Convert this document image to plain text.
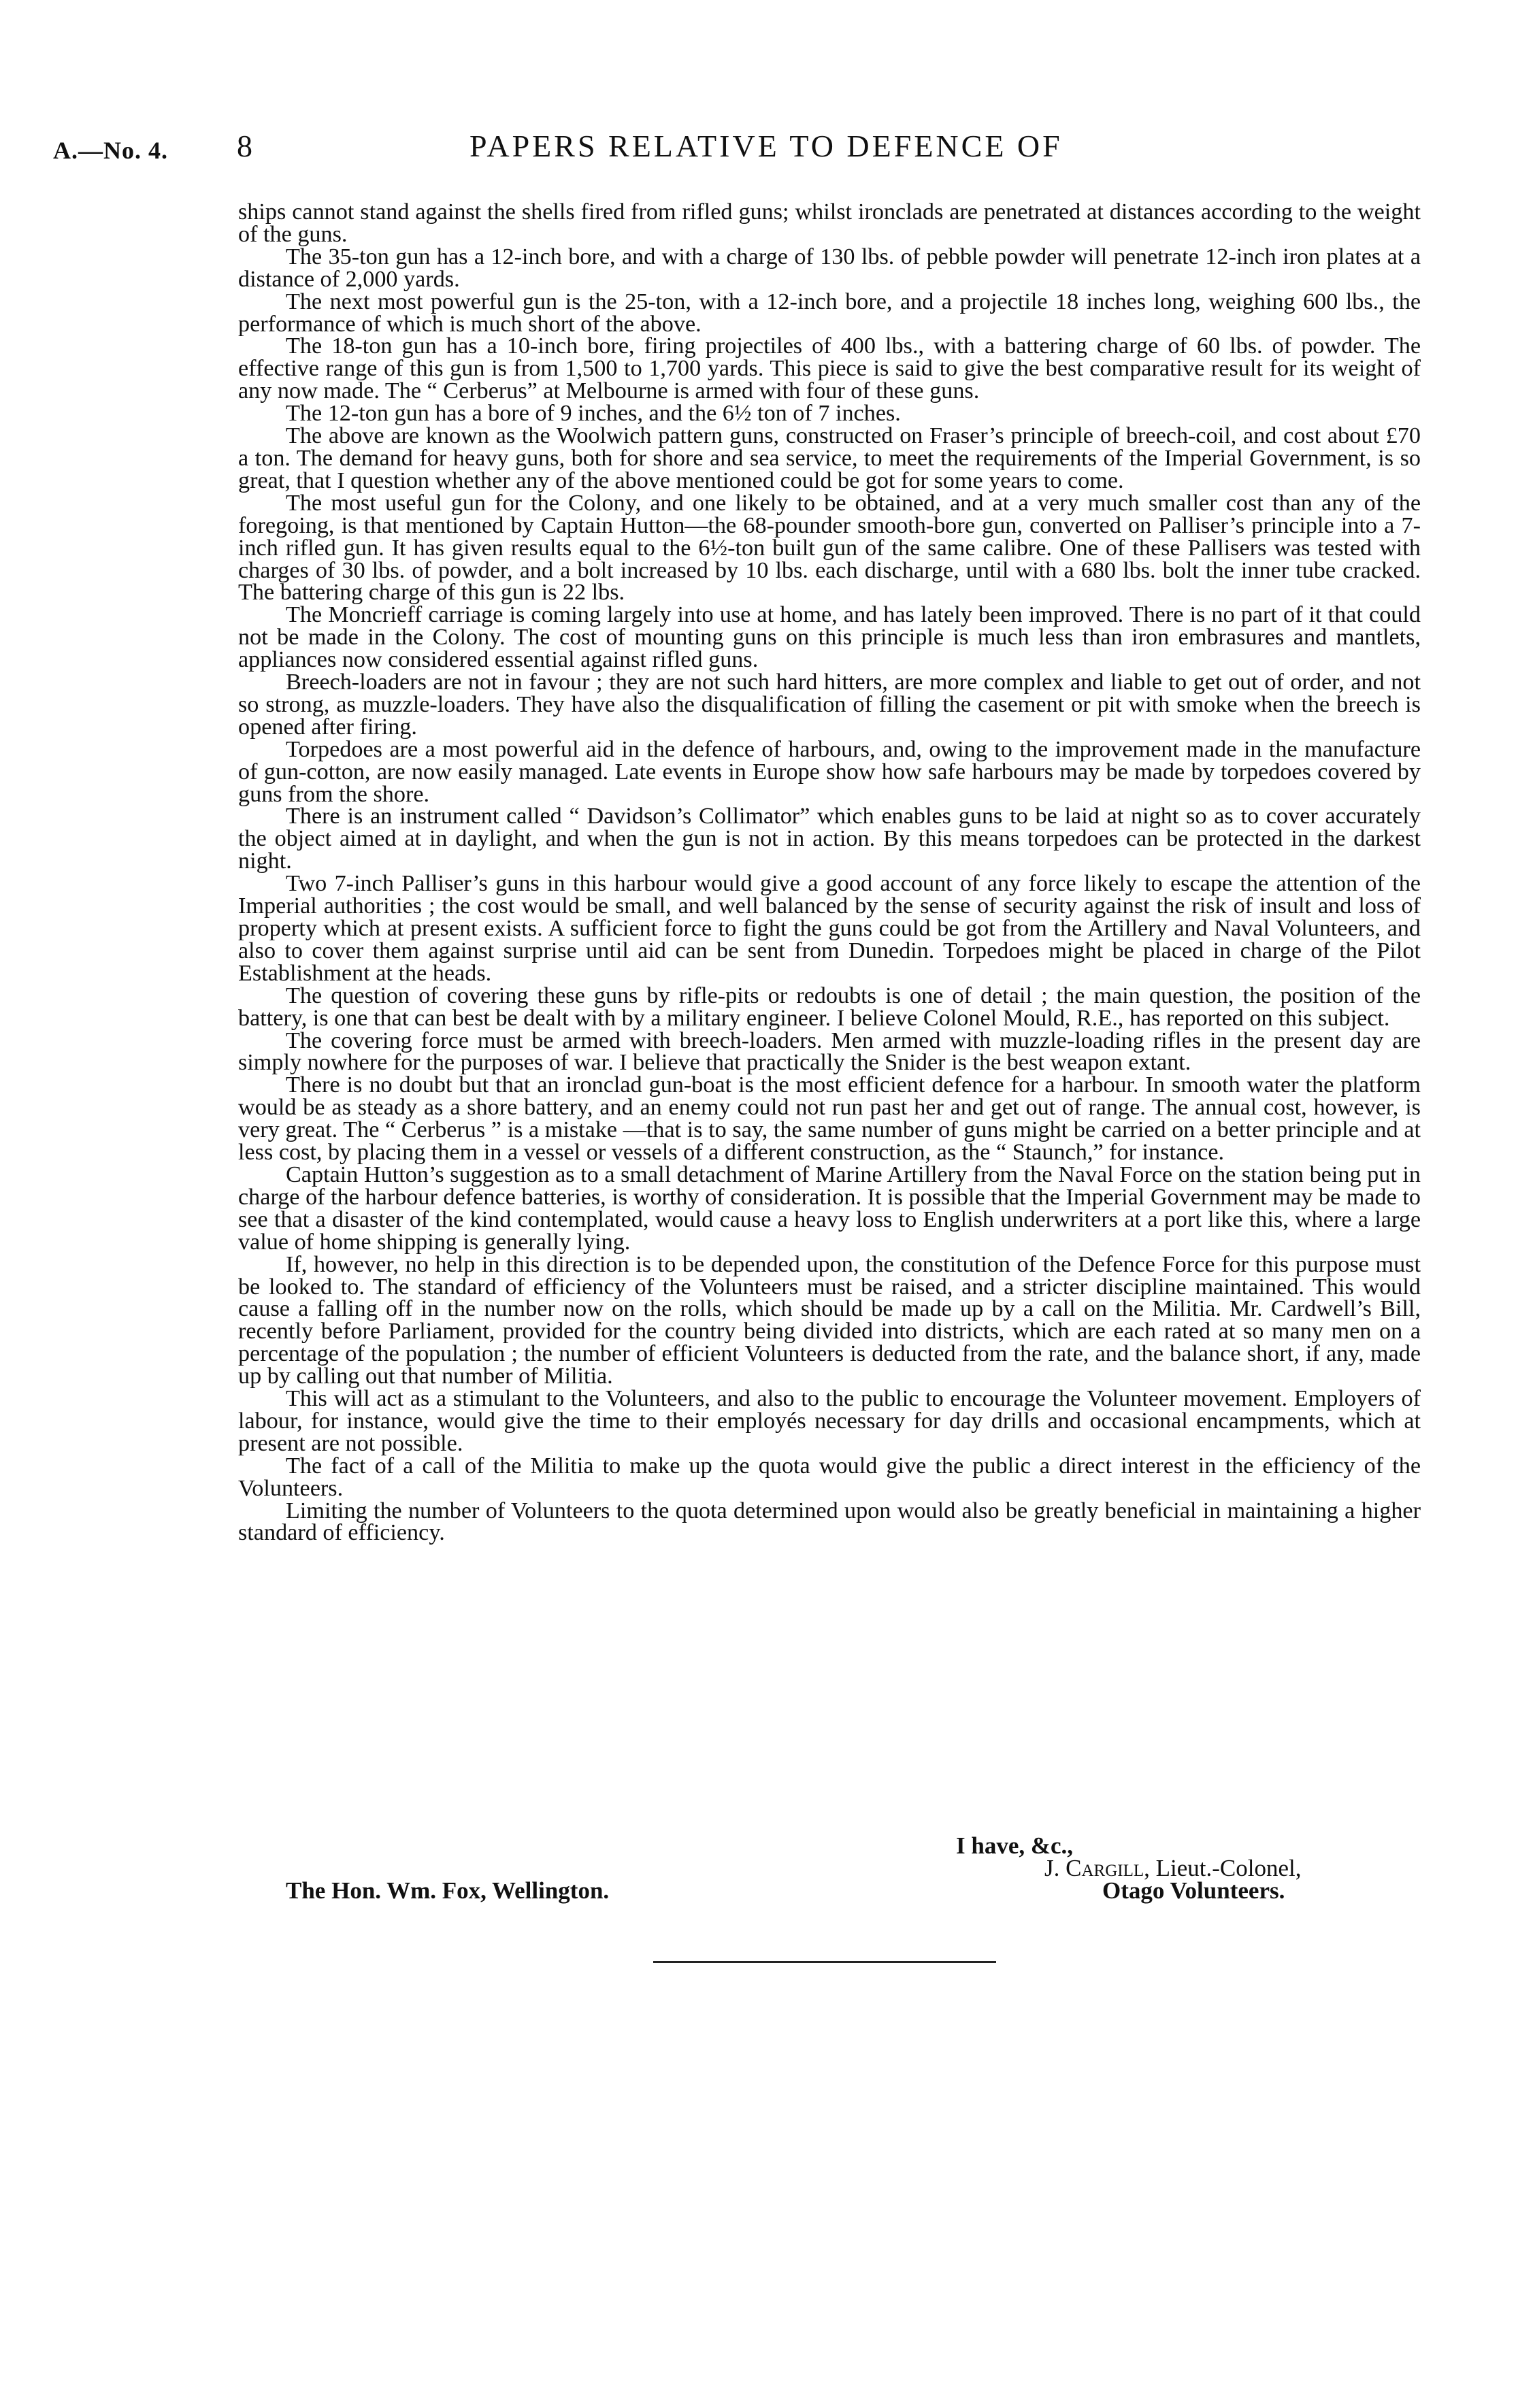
A.—No. 4. 8	PAPERS RELATIVE TO DEFENCE OF

ships cannot stand against the shells fired from rifled guns; whilst ironclads are penetrated at distances according to the weight of the guns.

The 35-ton gun has a 12-inch bore, and with a charge of 130 lbs. of pebble powder will penetrate 12-inch iron plates at a distance of 2,000 yards.

The next most powerful gun is the 25-ton, with a 12-inch bore, and a projectile 18 inches long, weighing 600 lbs., the performance of which is much short of the above.

The 18-ton gun has a 10-inch bore, firing projectiles of 400 lbs., with a battering charge of 60 lbs. of powder. The effective range of this gun is from 1,500 to 1,700 yards. This piece is said to give the best comparative result for its weight of any now made. The “ Cerberus” at Melbourne is armed with four of these guns.

The 12-ton gun has a bore of 9 inches, and the 6½ ton of 7 inches.

The above are known as the Woolwich pattern guns, constructed on Fraser’s principle of breech-coil, and cost about £70 a ton. The demand for heavy guns, both for shore and sea service, to meet the requirements of the Imperial Government, is so great, that I question whether any of the above mentioned could be got for some years to come.

The most useful gun for the Colony, and one likely to be obtained, and at a very much smaller cost than any of the foregoing, is that mentioned by Captain Hutton—the 68-pounder smooth-bore gun, converted on Palliser’s principle into a 7-inch rifled gun. It has given results equal to the 6½-ton built gun of the same calibre. One of these Pallisers was tested with charges of 30 lbs. of powder, and a bolt increased by 10 lbs. each discharge, until with a 680 lbs. bolt the inner tube cracked. The battering charge of this gun is 22 lbs.

The Moncrieff carriage is coming largely into use at home, and has lately been improved. There is no part of it that could not be made in the Colony. The cost of mounting guns on this principle is much less than iron embrasures and mantlets, appliances now considered essential against rifled guns.

Breech-loaders are not in favour ; they are not such hard hitters, are more complex and liable to get out of order, and not so strong, as muzzle-loaders. They have also the disqualification of filling the casement or pit with smoke when the breech is opened after firing.

Torpedoes are a most powerful aid in the defence of harbours, and, owing to the improvement made in the manufacture of gun-cotton, are now easily managed. Late events in Europe show how safe harbours may be made by torpedoes covered by guns from the shore.

There is an instrument called “ Davidson’s Collimator” which enables guns to be laid at night so as to cover accurately the object aimed at in daylight, and when the gun is not in action. By this means torpedoes can be protected in the darkest night.

Two 7-inch Palliser’s guns in this harbour would give a good account of any force likely to escape the attention of the Imperial authorities ; the cost would be small, and well balanced by the sense of security against the risk of insult and loss of property which at present exists. A sufficient force to fight the guns could be got from the Artillery and Naval Volunteers, and also to cover them against surprise until aid can be sent from Dunedin. Torpedoes might be placed in charge of the Pilot Establishment at the heads.

The question of covering these guns by rifle-pits or redoubts is one of detail ; the main question, the position of the battery, is one that can best be dealt with by a military engineer. I believe Colonel Mould, R.E., has reported on this subject.

The covering force must be armed with breech-loaders. Men armed with muzzle-loading rifles in the present day are simply nowhere for the purposes of war. I believe that practically the Snider is the best weapon extant.

There is no doubt but that an ironclad gun-boat is the most efficient defence for a harbour. In smooth water the platform would be as steady as a shore battery, and an enemy could not run past her and get out of range. The annual cost, however, is very great. The “ Cerberus ” is a mistake —that is to say, the same number of guns might be carried on a better principle and at less cost, by placing them in a vessel or vessels of a different construction, as the “ Staunch,” for instance.

Captain Hutton’s suggestion as to a small detachment of Marine Artillery from the Naval Force on the station being put in charge of the harbour defence batteries, is worthy of consideration. It is possible that the Imperial Government may be made to see that a disaster of the kind contemplated, would cause a heavy loss to English underwriters at a port like this, where a large value of home shipping is generally lying.

If, however, no help in this direction is to be depended upon, the constitution of the Defence Force for this purpose must be looked to. The standard of efficiency of the Volunteers must be raised, and a stricter discipline maintained. This would cause a falling off in the number now on the rolls, which should be made up by a call on the Militia. Mr. Cardwell’s Bill, recently before Parliament, provided for the country being divided into districts, which are each rated at so many men on a percentage of the population ; the number of efficient Volunteers is deducted from the rate, and the balance short, if any, made up by calling out that number of Militia.

This will act as a stimulant to the Volunteers, and also to the public to encourage the Volunteer movement. Employers of labour, for instance, would give the time to their employés necessary for day drills and occasional encampments, which at present are not possible.

The fact of a call of the Militia to make up the quota would give the public a direct interest in the efficiency of the Volunteers.

Limiting the number of Volunteers to the quota determined upon would also be greatly beneficial in maintaining a higher standard of efficiency.

I have, &c.,
J. Cargill, Lieut.-Colonel,
The Hon. Wm. Fox, Wellington.	Otago Volunteers.
